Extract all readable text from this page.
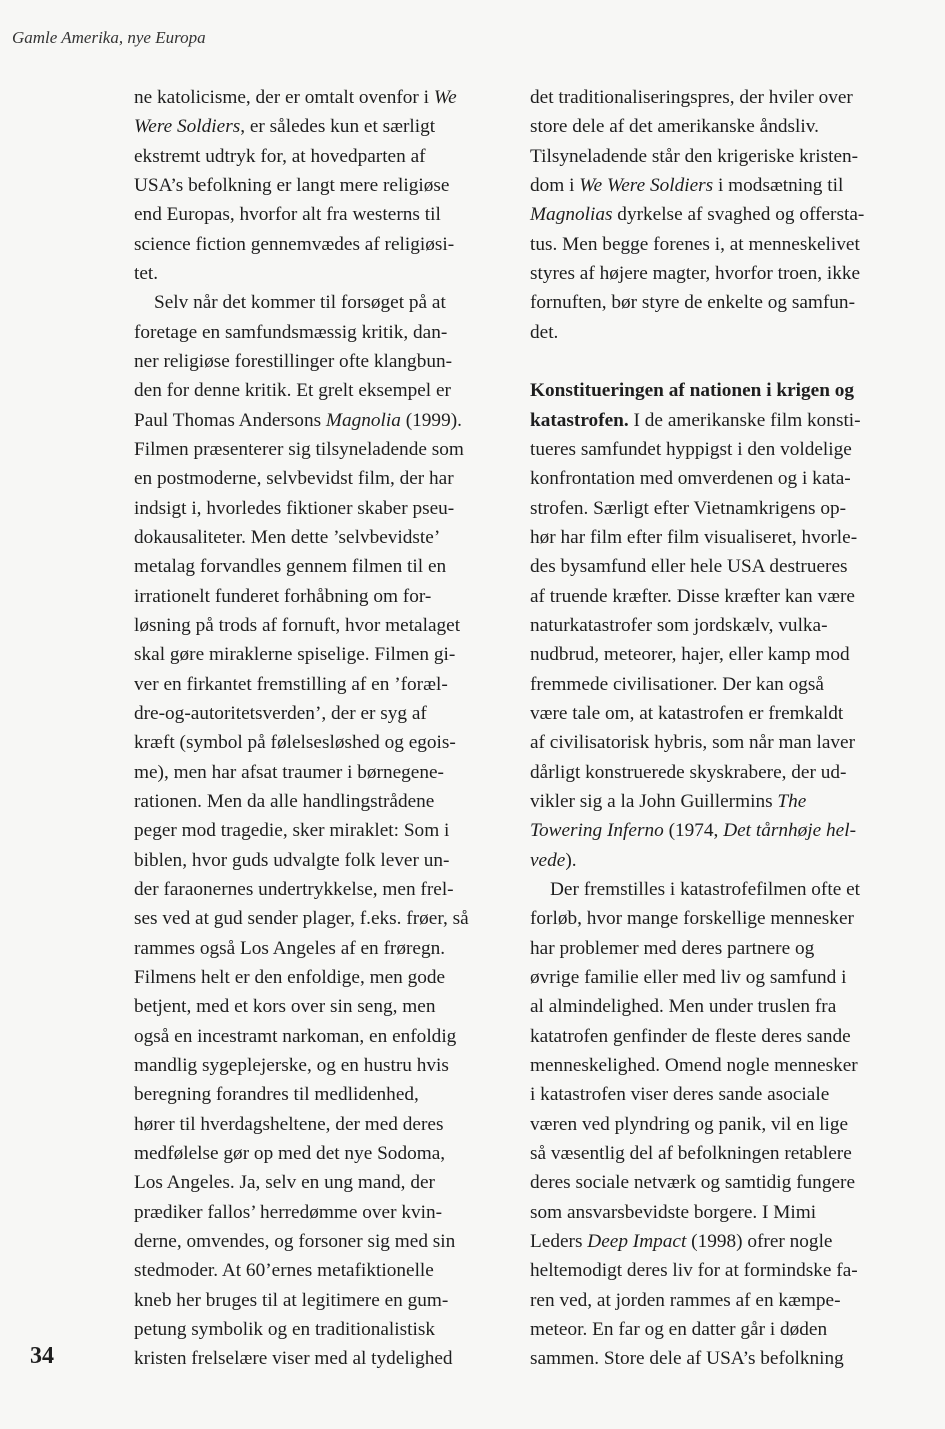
Gamle Amerika, nye Europa
ne katolicisme, der er omtalt ovenfor i We
Were Soldiers, er således kun et særligt
ekstremt udtryk for, at hovedparten af
USA’s befolkning er langt mere religiøse
end Europas, hvorfor alt fra westerns til
science fiction gennemvædes af religiøsi-
tet.
Selv når det kommer til forsøget på at
foretage en samfundsmæssig kritik, dan-
ner religiøse forestillinger ofte klangbun-
den for denne kritik. Et grelt eksempel er
Paul Thomas Andersons Magnolia (1999).
Filmen præsenterer sig tilsyneladende som
en postmoderne, selvbevidst film, der har
indsigt i, hvorledes fiktioner skaber pseu-
dokausaliteter. Men dette ’selvbevidste’
metalag forvandles gennem filmen til en
irrationelt funderet forhåbning om for-
løsning på trods af fornuft, hvor metalaget
skal gøre miraklerne spiselige. Filmen gi-
ver en firkantet fremstilling af en ’foræl-
dre-og-autoritetsverden’, der er syg af
kræft (symbol på følelsesløshed og egois-
me), men har afsat traumer i børnegene-
rationen. Men da alle handlingstrådene
peger mod tragedie, sker miraklet: Som i
biblen, hvor guds udvalgte folk lever un-
der faraonernes undertrykkelse, men frel-
ses ved at gud sender plager, f.eks. frøer, så
rammes også Los Angeles af en frøregn.
Filmens helt er den enfoldige, men gode
betjent, med et kors over sin seng, men
også en incestramt narkoman, en enfoldig
mandlig sygeplejerske, og en hustru hvis
beregning forandres til medlidenhed,
hører til hverdagsheltene, der med deres
medfølelse gør op med det nye Sodoma,
Los Angeles. Ja, selv en ung mand, der
prædiker fallos’ herredømme over kvin-
derne, omvendes, og forsoner sig med sin
stedmoder. At 60’ernes metafiktionelle
kneb her bruges til at legitimere en gum-
petung symbolik og en traditionalistisk
kristen frelselære viser med al tydelighed
det traditionaliseringspres, der hviler over
store dele af det amerikanske åndsliv.
Tilsyneladende står den krigeriske kristen-
dom i We Were Soldiers i modsætning til
Magnolias dyrkelse af svaghed og offersta-
tus. Men begge forenes i, at menneskelivet
styres af højere magter, hvorfor troen, ikke
fornuften, bør styre de enkelte og samfun-
det.
Konstitueringen af nationen i krigen og
katastrofen. I de amerikanske film konsti-
tueres samfundet hyppigst i den voldelige
konfrontation med omverdenen og i kata-
strofen. Særligt efter Vietnamkrigens op-
hør har film efter film visualiseret, hvorle-
des bysamfund eller hele USA destrueres
af truende kræfter. Disse kræfter kan være
naturkatastrofer som jordskælv, vulka-
nudbrud, meteorer, hajer, eller kamp mod
fremmede civilisationer. Der kan også
være tale om, at katastrofen er fremkaldt
af civilisatorisk hybris, som når man laver
dårligt konstruerede skyskrabere, der ud-
vikler sig a la John Guillermins The
Towering Inferno (1974, Det tårnhøje hel-
vede).
Der fremstilles i katastrofefilmen ofte et
forløb, hvor mange forskellige mennesker
har problemer med deres partnere og
øvrige familie eller med liv og samfund i
al almindelighed. Men under truslen fra
katatrofen genfinder de fleste deres sande
menneskelighed. Omend nogle mennesker
i katastrofen viser deres sande asociale
væren ved plyndring og panik, vil en lige
så væsentlig del af befolkningen retablere
deres sociale netværk og samtidig fungere
som ansvarsbevidste borgere. I Mimi
Leders Deep Impact (1998) ofrer nogle
heltemodigt deres liv for at formindske fa-
ren ved, at jorden rammes af en kæmpe-
meteor. En far og en datter går i døden
sammen. Store dele af USA’s befolkning
34
